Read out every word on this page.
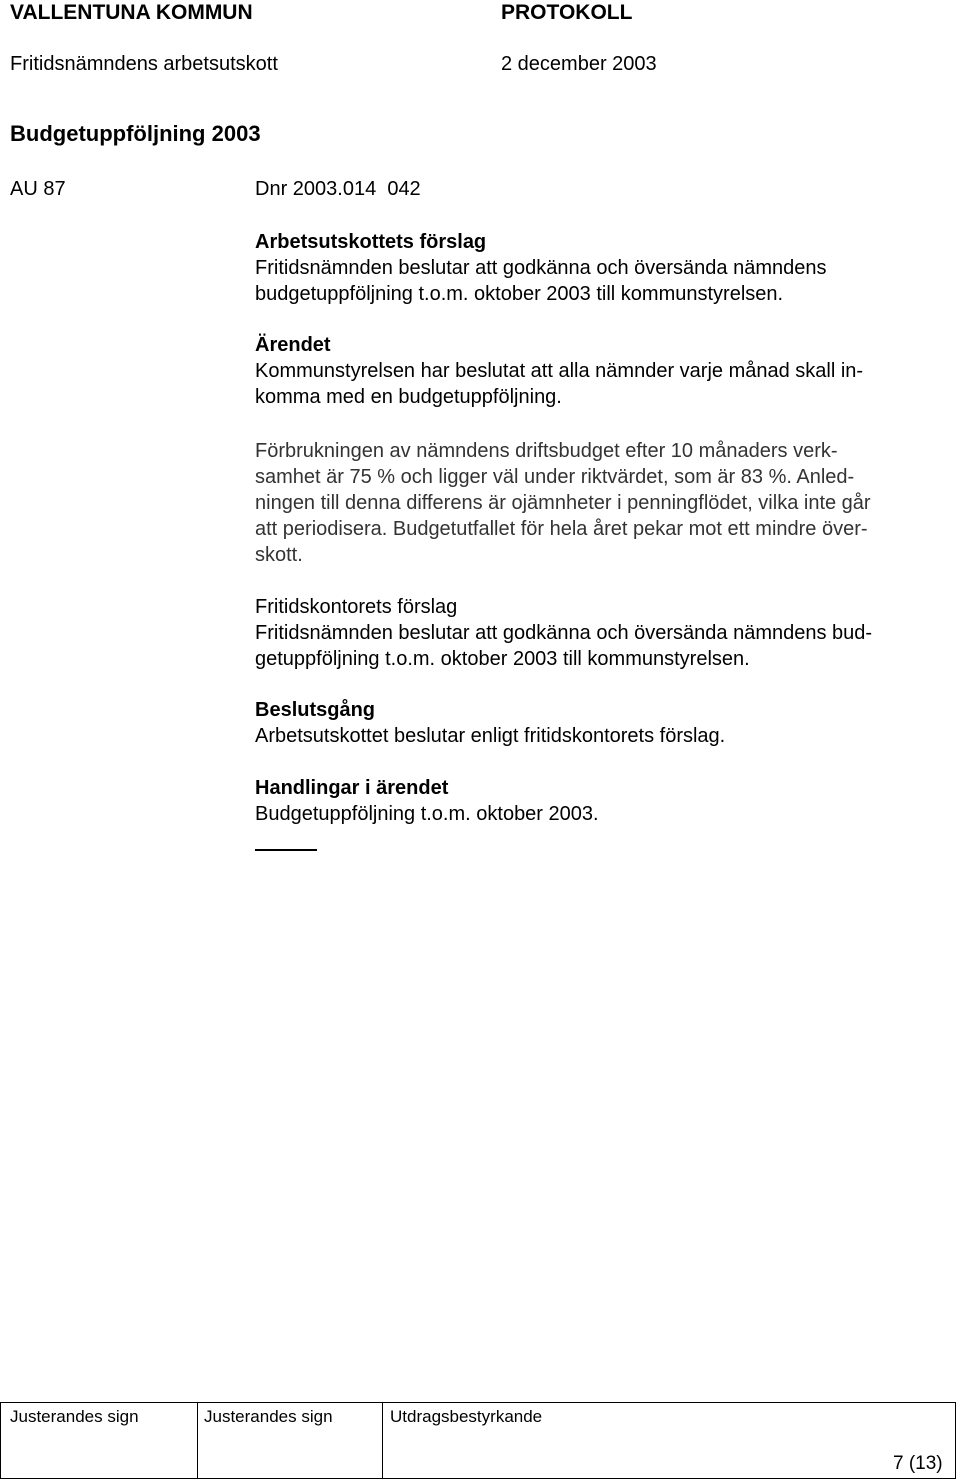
VALLENTUNA KOMMUN	PROTOKOLL
Fritidsnämndens arbetsutskott	2 december 2003
Budgetuppföljning 2003
AU 87	Dnr 2003.014  042
Arbetsutskottets förslag
Fritidsnämnden beslutar att godkänna och översända nämndens
budgetuppföljning t.o.m. oktober 2003 till kommunstyrelsen.
Ärendet
Kommunstyrelsen har beslutat att alla nämnder varje månad skall in-
komma med en budgetuppföljning.
Förbrukningen av nämndens driftsbudget efter 10 månaders verk-
samhet är 75 % och ligger väl under riktvärdet, som är 83 %. Anled-
ningen till denna differens är ojämnheter i penningflödet, vilka inte går
att periodisera. Budgetutfallet för hela året pekar mot ett mindre över-
skott.
Fritidskontorets förslag
Fritidsnämnden beslutar att godkänna och översända nämndens bud-
getuppföljning t.o.m. oktober 2003 till kommunstyrelsen.
Beslutsgång
Arbetsutskottet beslutar enligt fritidskontorets förslag.
Handlingar i ärendet
Budgetuppföljning t.o.m. oktober 2003.
Justerandes sign	Justerandes sign	Utdragsbestyrkande
7 (13)
